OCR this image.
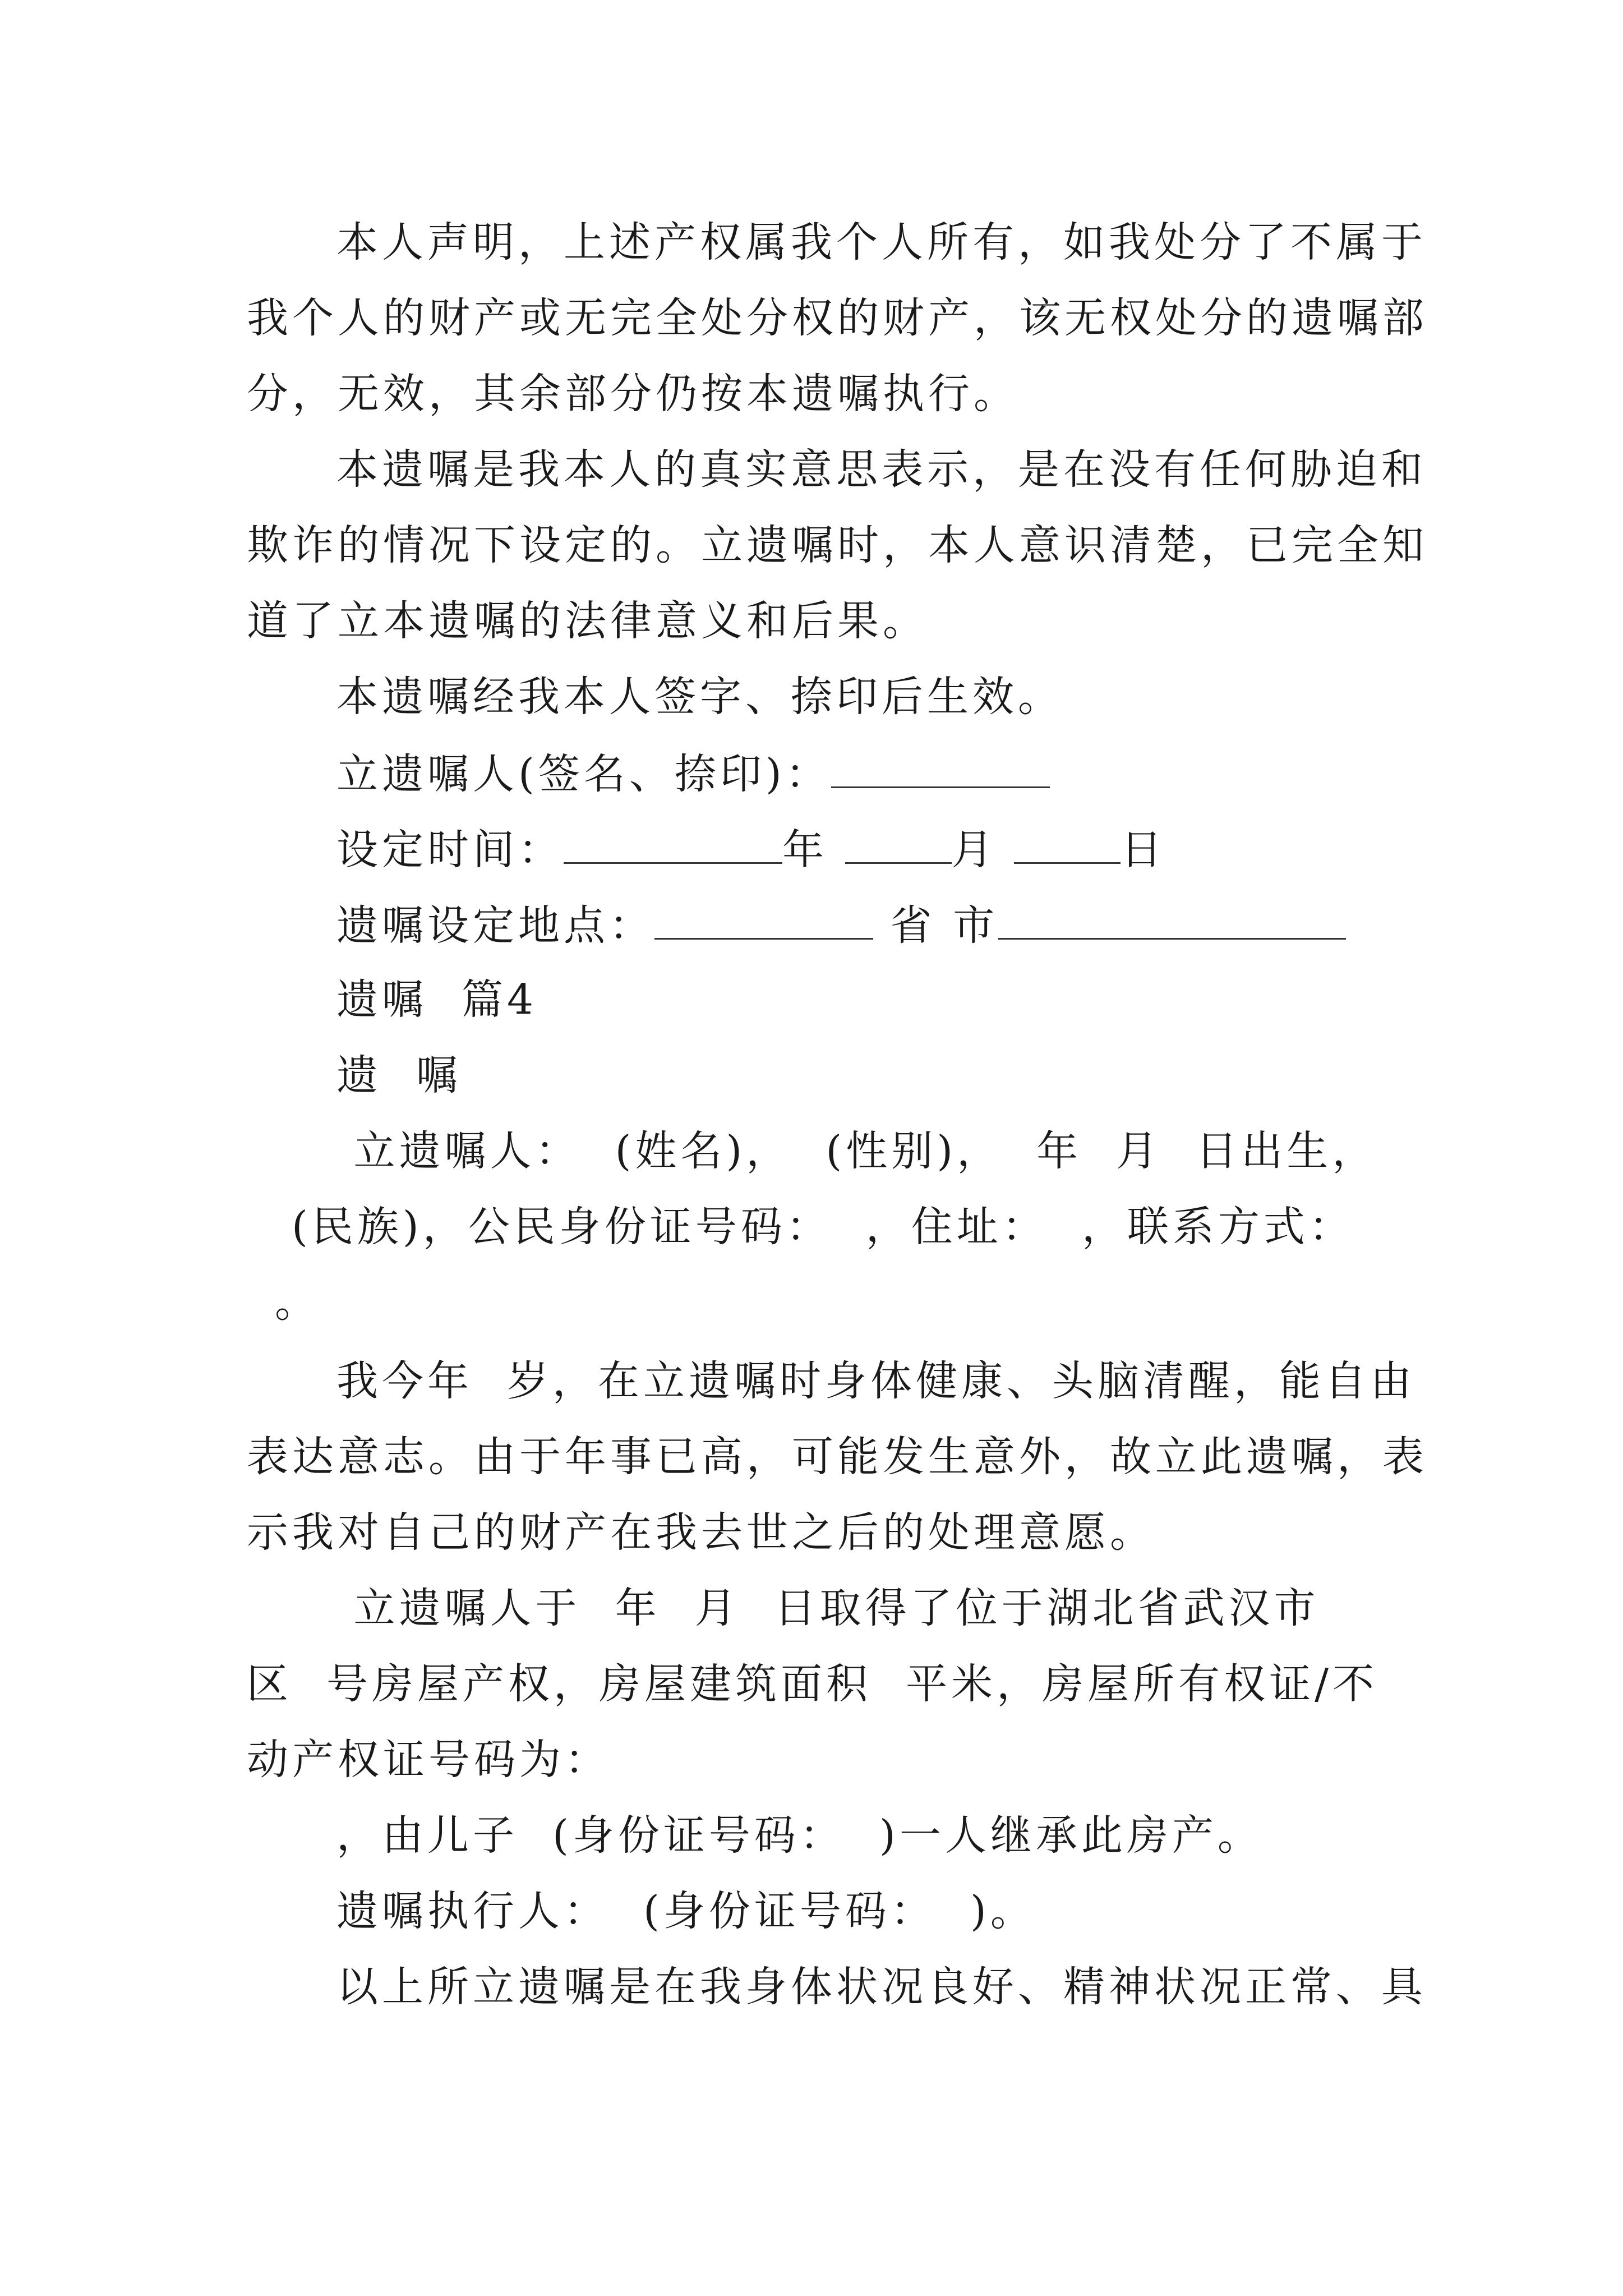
本人声明，上述产权属我个人所有，如我处分了不属于

我个人的财产或无完全处分权的财产，该无权处分的遗嘱部

分，无效，其余部分仍按本遗嘱执行。

本遗嘱是我本人的真实意思表示，是在没有任何胁迫和

欺诈的情况下设定的。立遗嘱时，本人意识清楚，已完全知

道了立本遗嘱的法律意义和后果。

本遗嘱经我本人签字、捺印后生效。

立遗嘱人(签名、捺印)：

设定时间：	年	月	日

遗嘱设定地点：	省 市

遗嘱  篇4

遗  嘱

立遗嘱人：  (姓名)，  (性别)，  年  月  日出生，

(民族)，公民身份证号码：  ，住址：  ，联系方式：

。

我今年  岁，在立遗嘱时身体健康、头脑清醒，能自由

表达意志。由于年事已高，可能发生意外，故立此遗嘱，表

示我对自己的财产在我去世之后的处理意愿。

立遗嘱人于  年  月  日取得了位于湖北省武汉市

区  号房屋产权，房屋建筑面积  平米，房屋所有权证/不

动产权证号码为：

，由儿子  (身份证号码：  )一人继承此房产。

遗嘱执行人：  (身份证号码：  )。

以上所立遗嘱是在我身体状况良好、精神状况正常、具
